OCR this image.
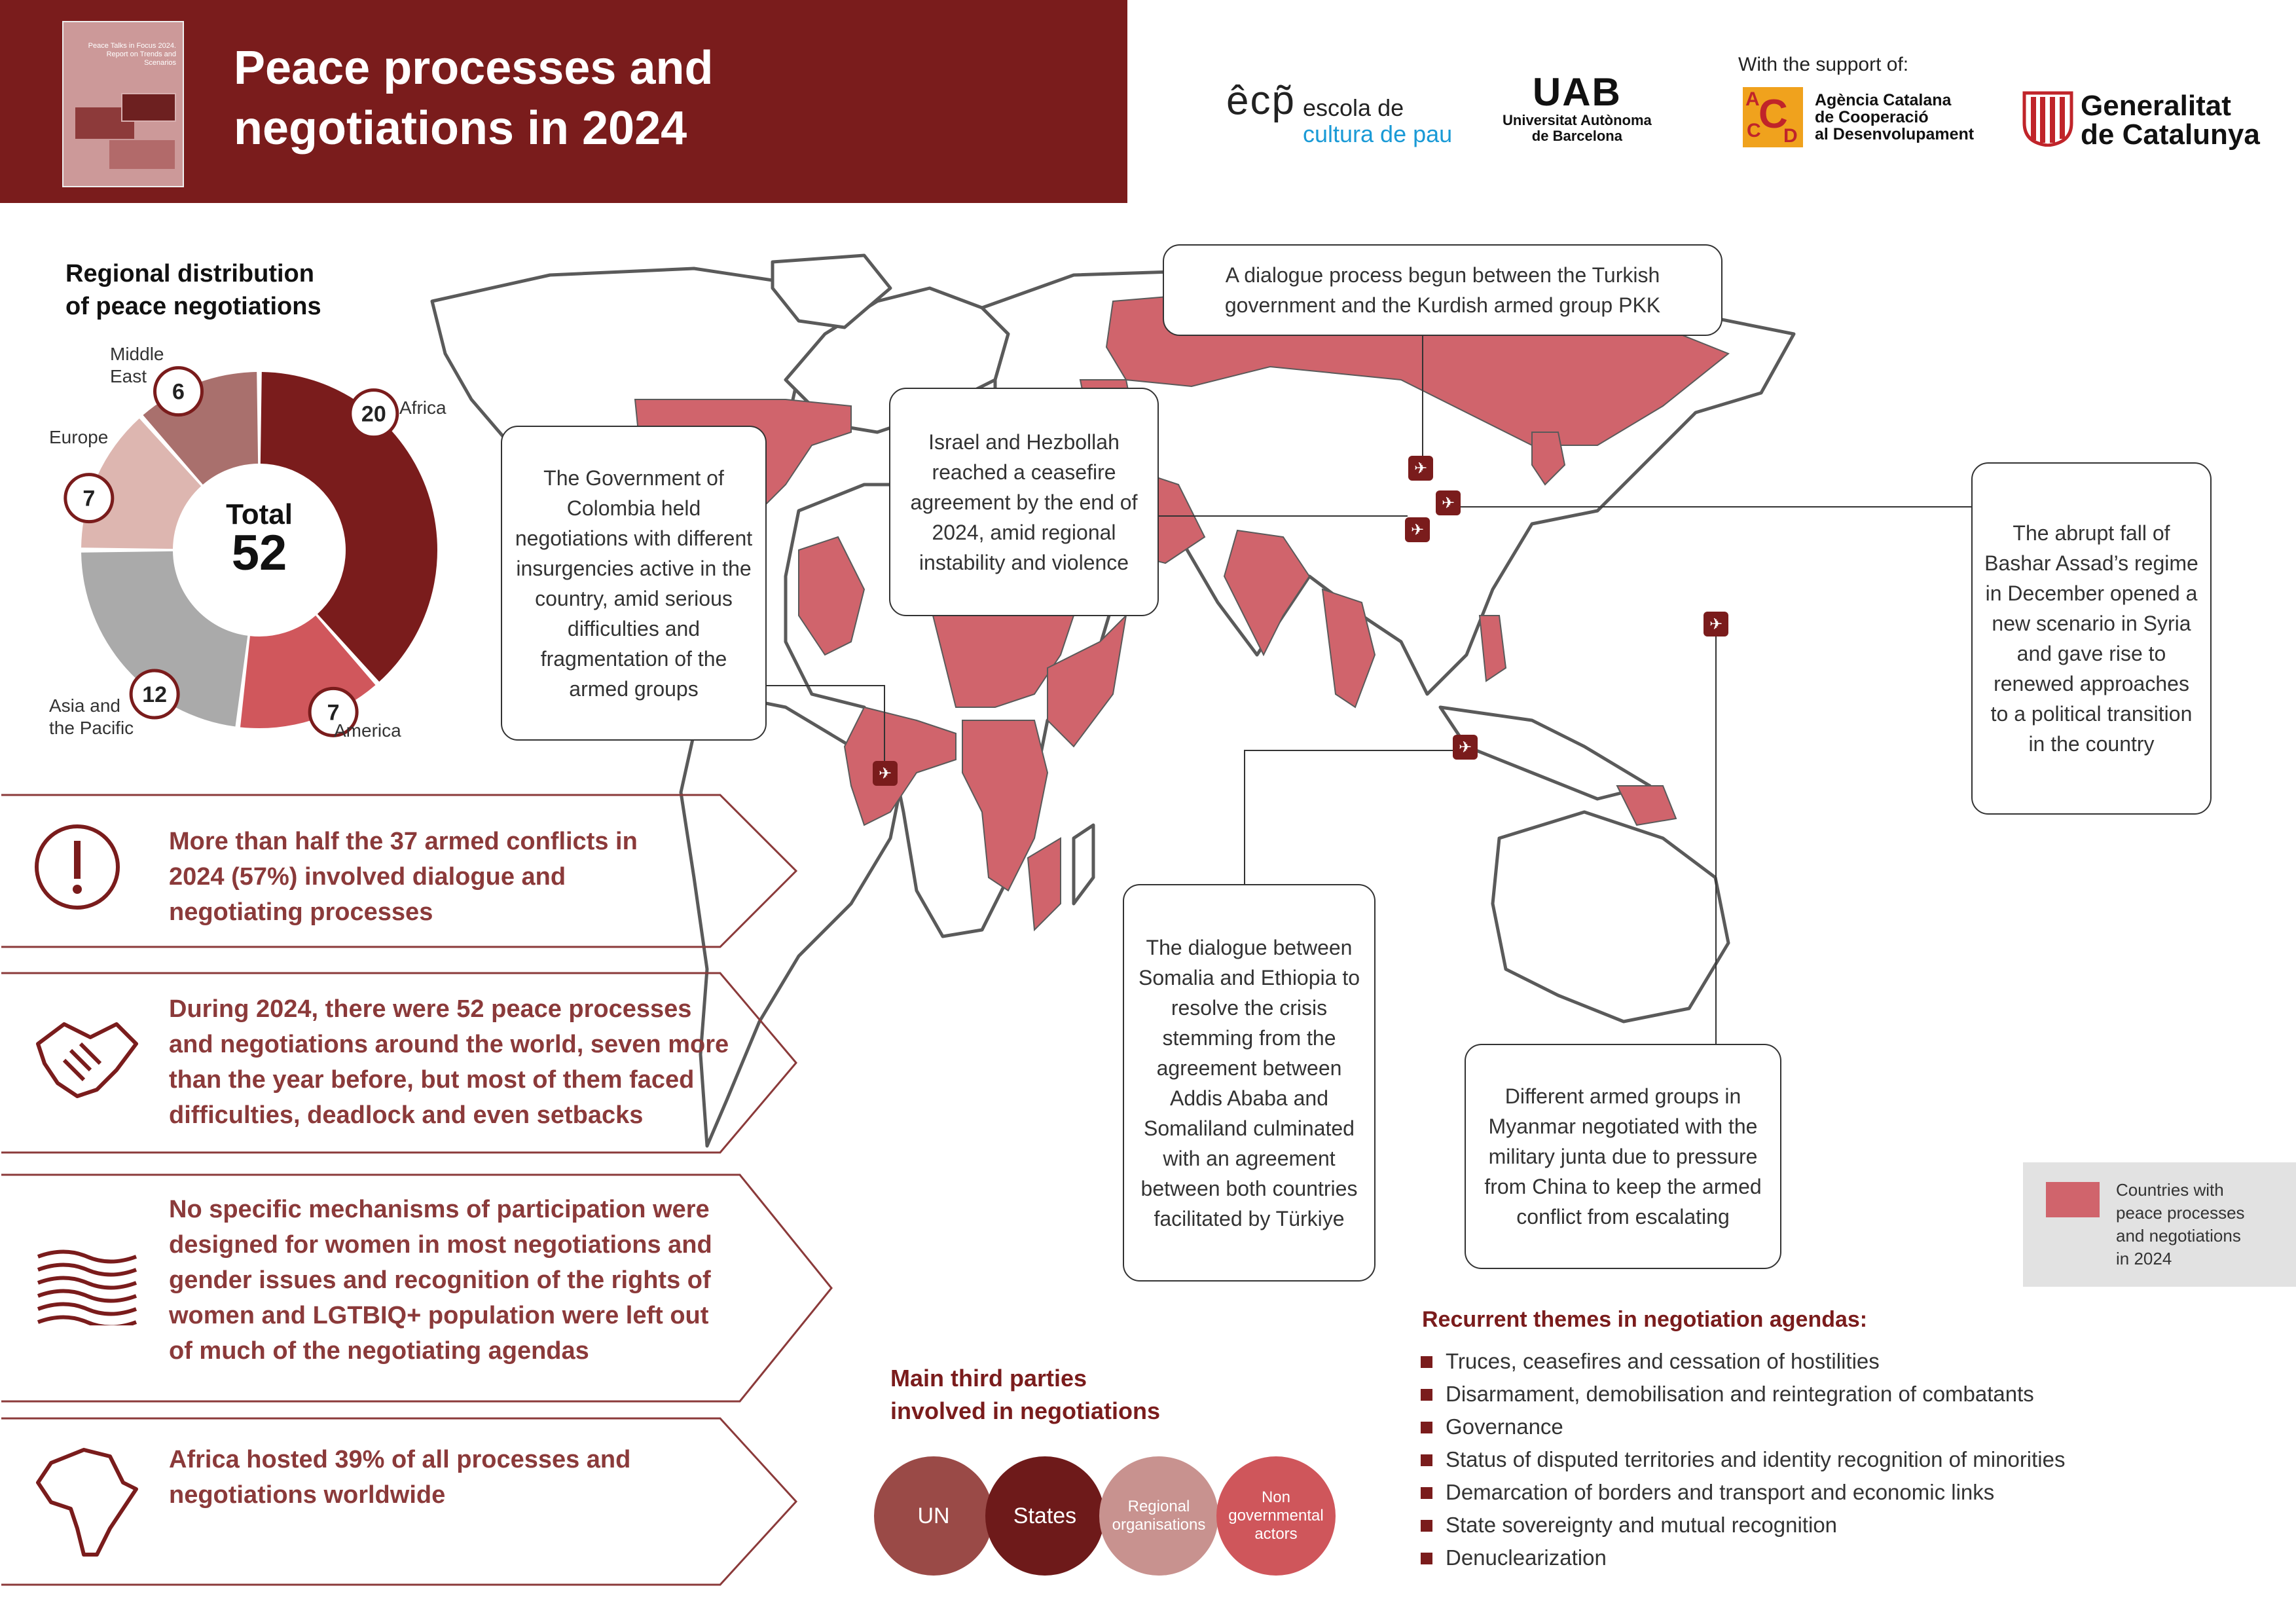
Peace Talks in Focus 2024. Report on Trends and Scenarios Peace processes and
negotiations in 2024
êcp̃ escola de
cultura de pau
UAB
Universitat Autònoma
de Barcelona
With the support of:
A
C
C D
Agència Catalana
de Cooperació
al Desenvolupament
Generalitat
de Catalunya
Regional distribution
of peace negotiations
20
7
12
7
6
Total
52
Africa
America
Asia and
the Pacific
Europe
Middle
East
A dialogue process begun between the Turkish government and the Kurdish armed group PKK
Israel and Hezbollah reached a ceasefire agreement by the end of 2024, amid regional instability and violence
The Government of Colombia held negotiations with different insurgencies active in the country, amid serious difficulties and fragmentation of the armed groups
The abrupt fall of Bashar Assad’s regime in December opened a new scenario in Syria and gave rise to renewed approaches to a political transition in the country
The dialogue between Somalia and Ethiopia to resolve the crisis stemming from the agreement between Addis Ababa and Somaliland culminated with an agreement between both countries facilitated by Türkiye
Different armed groups in Myanmar negotiated with the military junta due to pressure from China to keep the armed conflict from escalating
✈
✈
✈
✈
✈
✈
Countries with
peace processes
and negotiations
in 2024
More than half the 37 armed conflicts in
2024 (57%) involved dialogue and
negotiating processes
During 2024, there were 52 peace processes
and negotiations around the world, seven more
than the year before, but most of them faced
difficulties, deadlock and even setbacks
No specific mechanisms of participation were
designed for women in most negotiations and
gender issues and recognition of the rights of
women and LGTBIQ+ population were left out
of much of the negotiating agendas
Africa hosted 39% of all processes and
negotiations worldwide
Main third parties
involved in negotiations
UN	States	Regional
organisations
Non
governmental
actors
Recurrent themes in negotiation agendas:
Truces, ceasefires and cessation of hostilities
Disarmament, demobilisation and reintegration of combatants
Governance
Status of disputed territories and identity recognition of minorities
Demarcation of borders and transport and economic links
State sovereignty and mutual recognition
Denuclearization
